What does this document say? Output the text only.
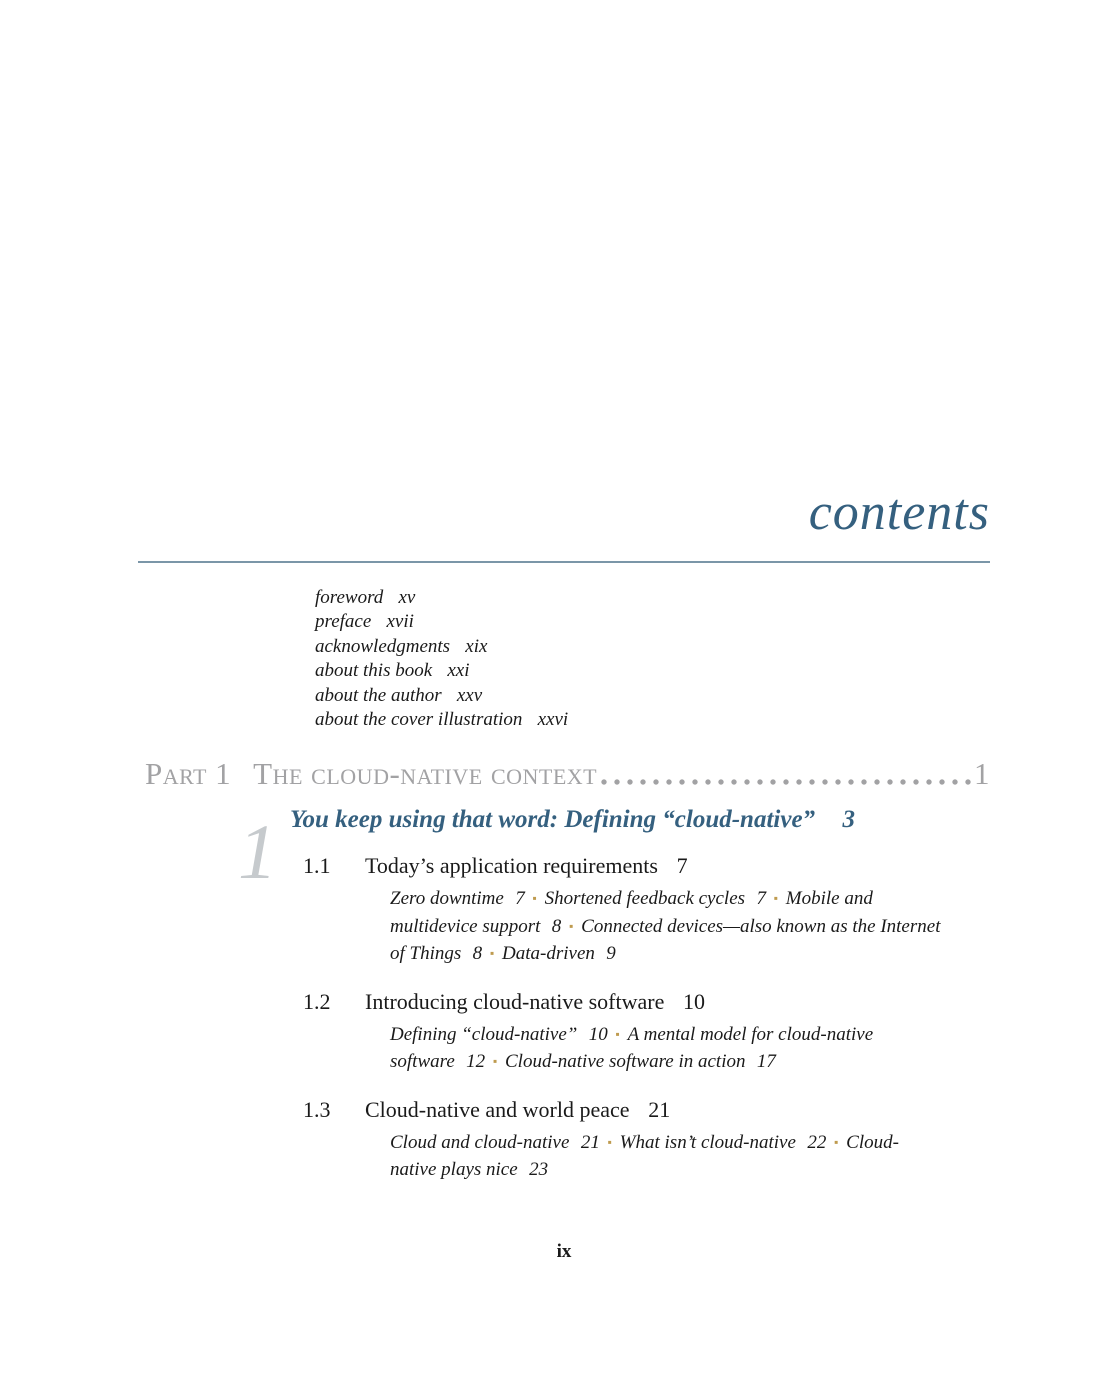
contents
foreword xv
preface xvii
acknowledgments xix
about this book xxi
about the author xxv
about the cover illustration xxvi
Part 1 The cloud-native context	1
1 You keep using that word: Defining “cloud-native” 3
1.1 Today’s application requirements 7

Zero downtime 7 ▪ Shortened feedback cycles 7 ▪ Mobile and multidevice support 8 ▪ Connected devices—also known as the Internet of Things 8 ▪ Data-driven 9

1.2 Introducing cloud-native software 10

Defining “cloud-native” 10 ▪ A mental model for cloud-native software 12 ▪ Cloud-native software in action 17

1.3 Cloud-native and world peace 21

Cloud and cloud-native 21 ▪ What isn’t cloud-native 22 ▪ Cloud-native plays nice 23

ix
